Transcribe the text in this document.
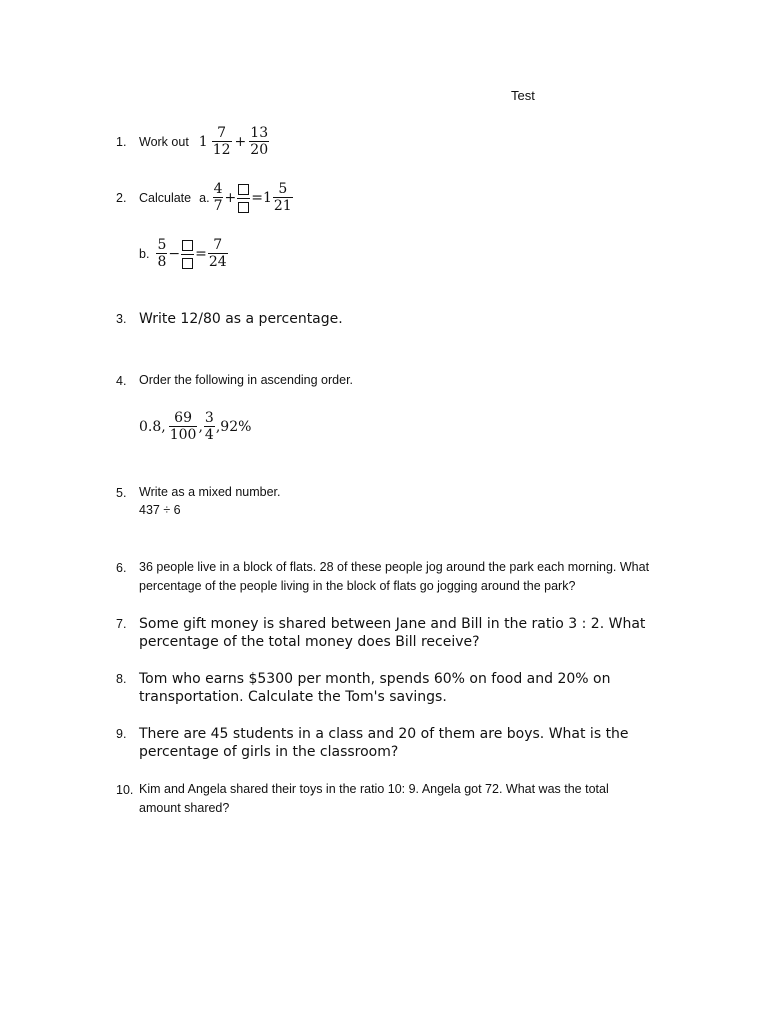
Test
1.	Work out $1 \frac{7}{12} + \frac{13}{20}$
2.	Calculate a. $\frac{4}{7}$ + = $1 \frac{5}{21}$
b. $\frac{5}{8}$ − = $\frac{7}{24}$
3. Write 12/80 as a percentage.
4.	Order the following in ascending order.
0.8 , $\frac{69}{100}$ , $\frac{3}{4}$ , 92%
5.	Write as a mixed number.
437 ÷ 6
6.	36 people live in a block of flats. 28 of these people jog around the park each morning. What percentage of the people living in the block of flats go jogging around the park?
7. Some gift money is shared between Jane and Bill in the ratio 3 : 2. What percentage of the total money does Bill receive?
8. Tom who earns $5300 per month, spends 60% on food and 20% on transportation. Calculate the Tom's savings.
9. There are 45 students in a class and 20 of them are boys. What is the percentage of girls in the classroom?
10. Kim and Angela shared their toys in the ratio 10: 9. Angela got 72. What was the total amount shared?
